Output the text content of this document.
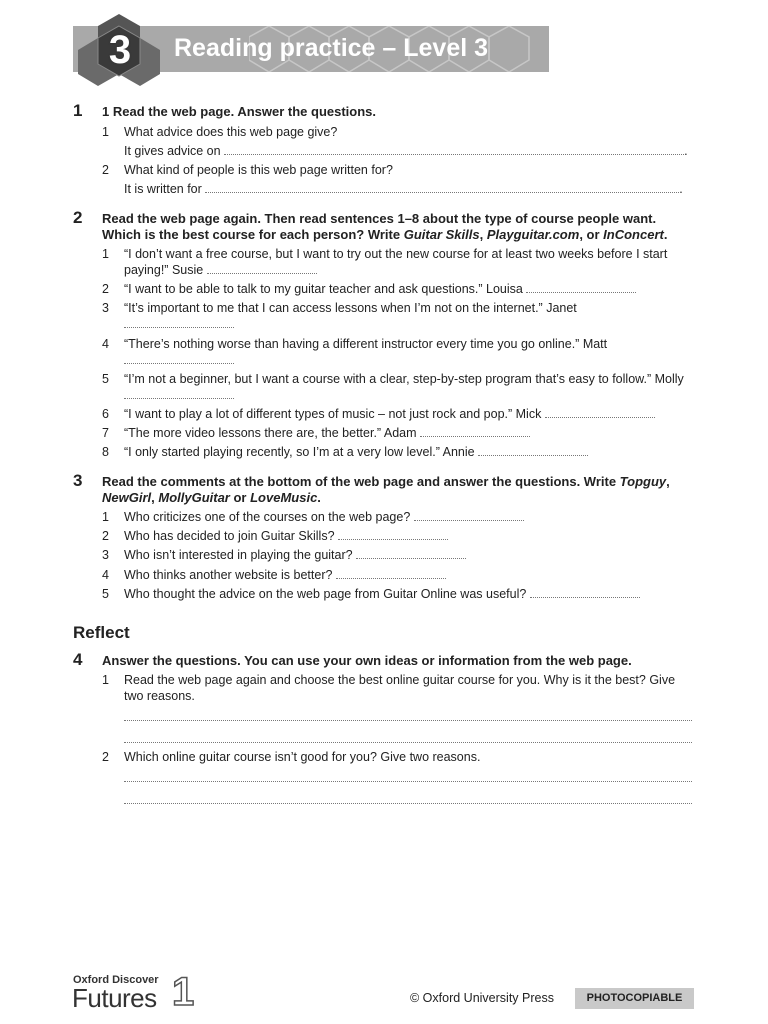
3	Reading practice – Level 3
1 1 Read the web page. Answer the questions.
1 What advice does this web page give?
It gives advice on	.
2 What kind of people is this web page written for?
It is written for	.
2 Read the web page again. Then read sentences 1–8 about the type of course people want. Which is the best course for each person? Write Guitar Skills, Playguitar.com, or InConcert.
1 “I don’t want a free course, but I want to try out the new course for at least two weeks before I start paying!” Susie
2 “I want to be able to talk to my guitar teacher and ask questions.” Louisa
3 “It’s important to me that I can access lessons when I’m not on the internet.” Janet
4 “There’s nothing worse than having a different instructor every time you go online.” Matt
5 “I’m not a beginner, but I want a course with a clear, step-by-step program that’s easy to follow.” Molly
6 “I want to play a lot of different types of music – not just rock and pop.” Mick
7 “The more video lessons there are, the better.” Adam
8 “I only started playing recently, so I’m at a very low level.” Annie
3 Read the comments at the bottom of the web page and answer the questions. Write Topguy, NewGirl, MollyGuitar or LoveMusic.
1 Who criticizes one of the courses on the web page?
2 Who has decided to join Guitar Skills?
3 Who isn’t interested in playing the guitar?
4 Who thinks another website is better?
5 Who thought the advice on the web page from Guitar Online was useful?
Reflect
4 Answer the questions. You can use your own ideas or information from the web page.
1 Read the web page again and choose the best online guitar course for you. Why is it the best? Give two reasons.
2 Which online guitar course isn’t good for you? Give two reasons.
Oxford Discover
Futures 1	© Oxford University Press	PHOTOCOPIABLE
